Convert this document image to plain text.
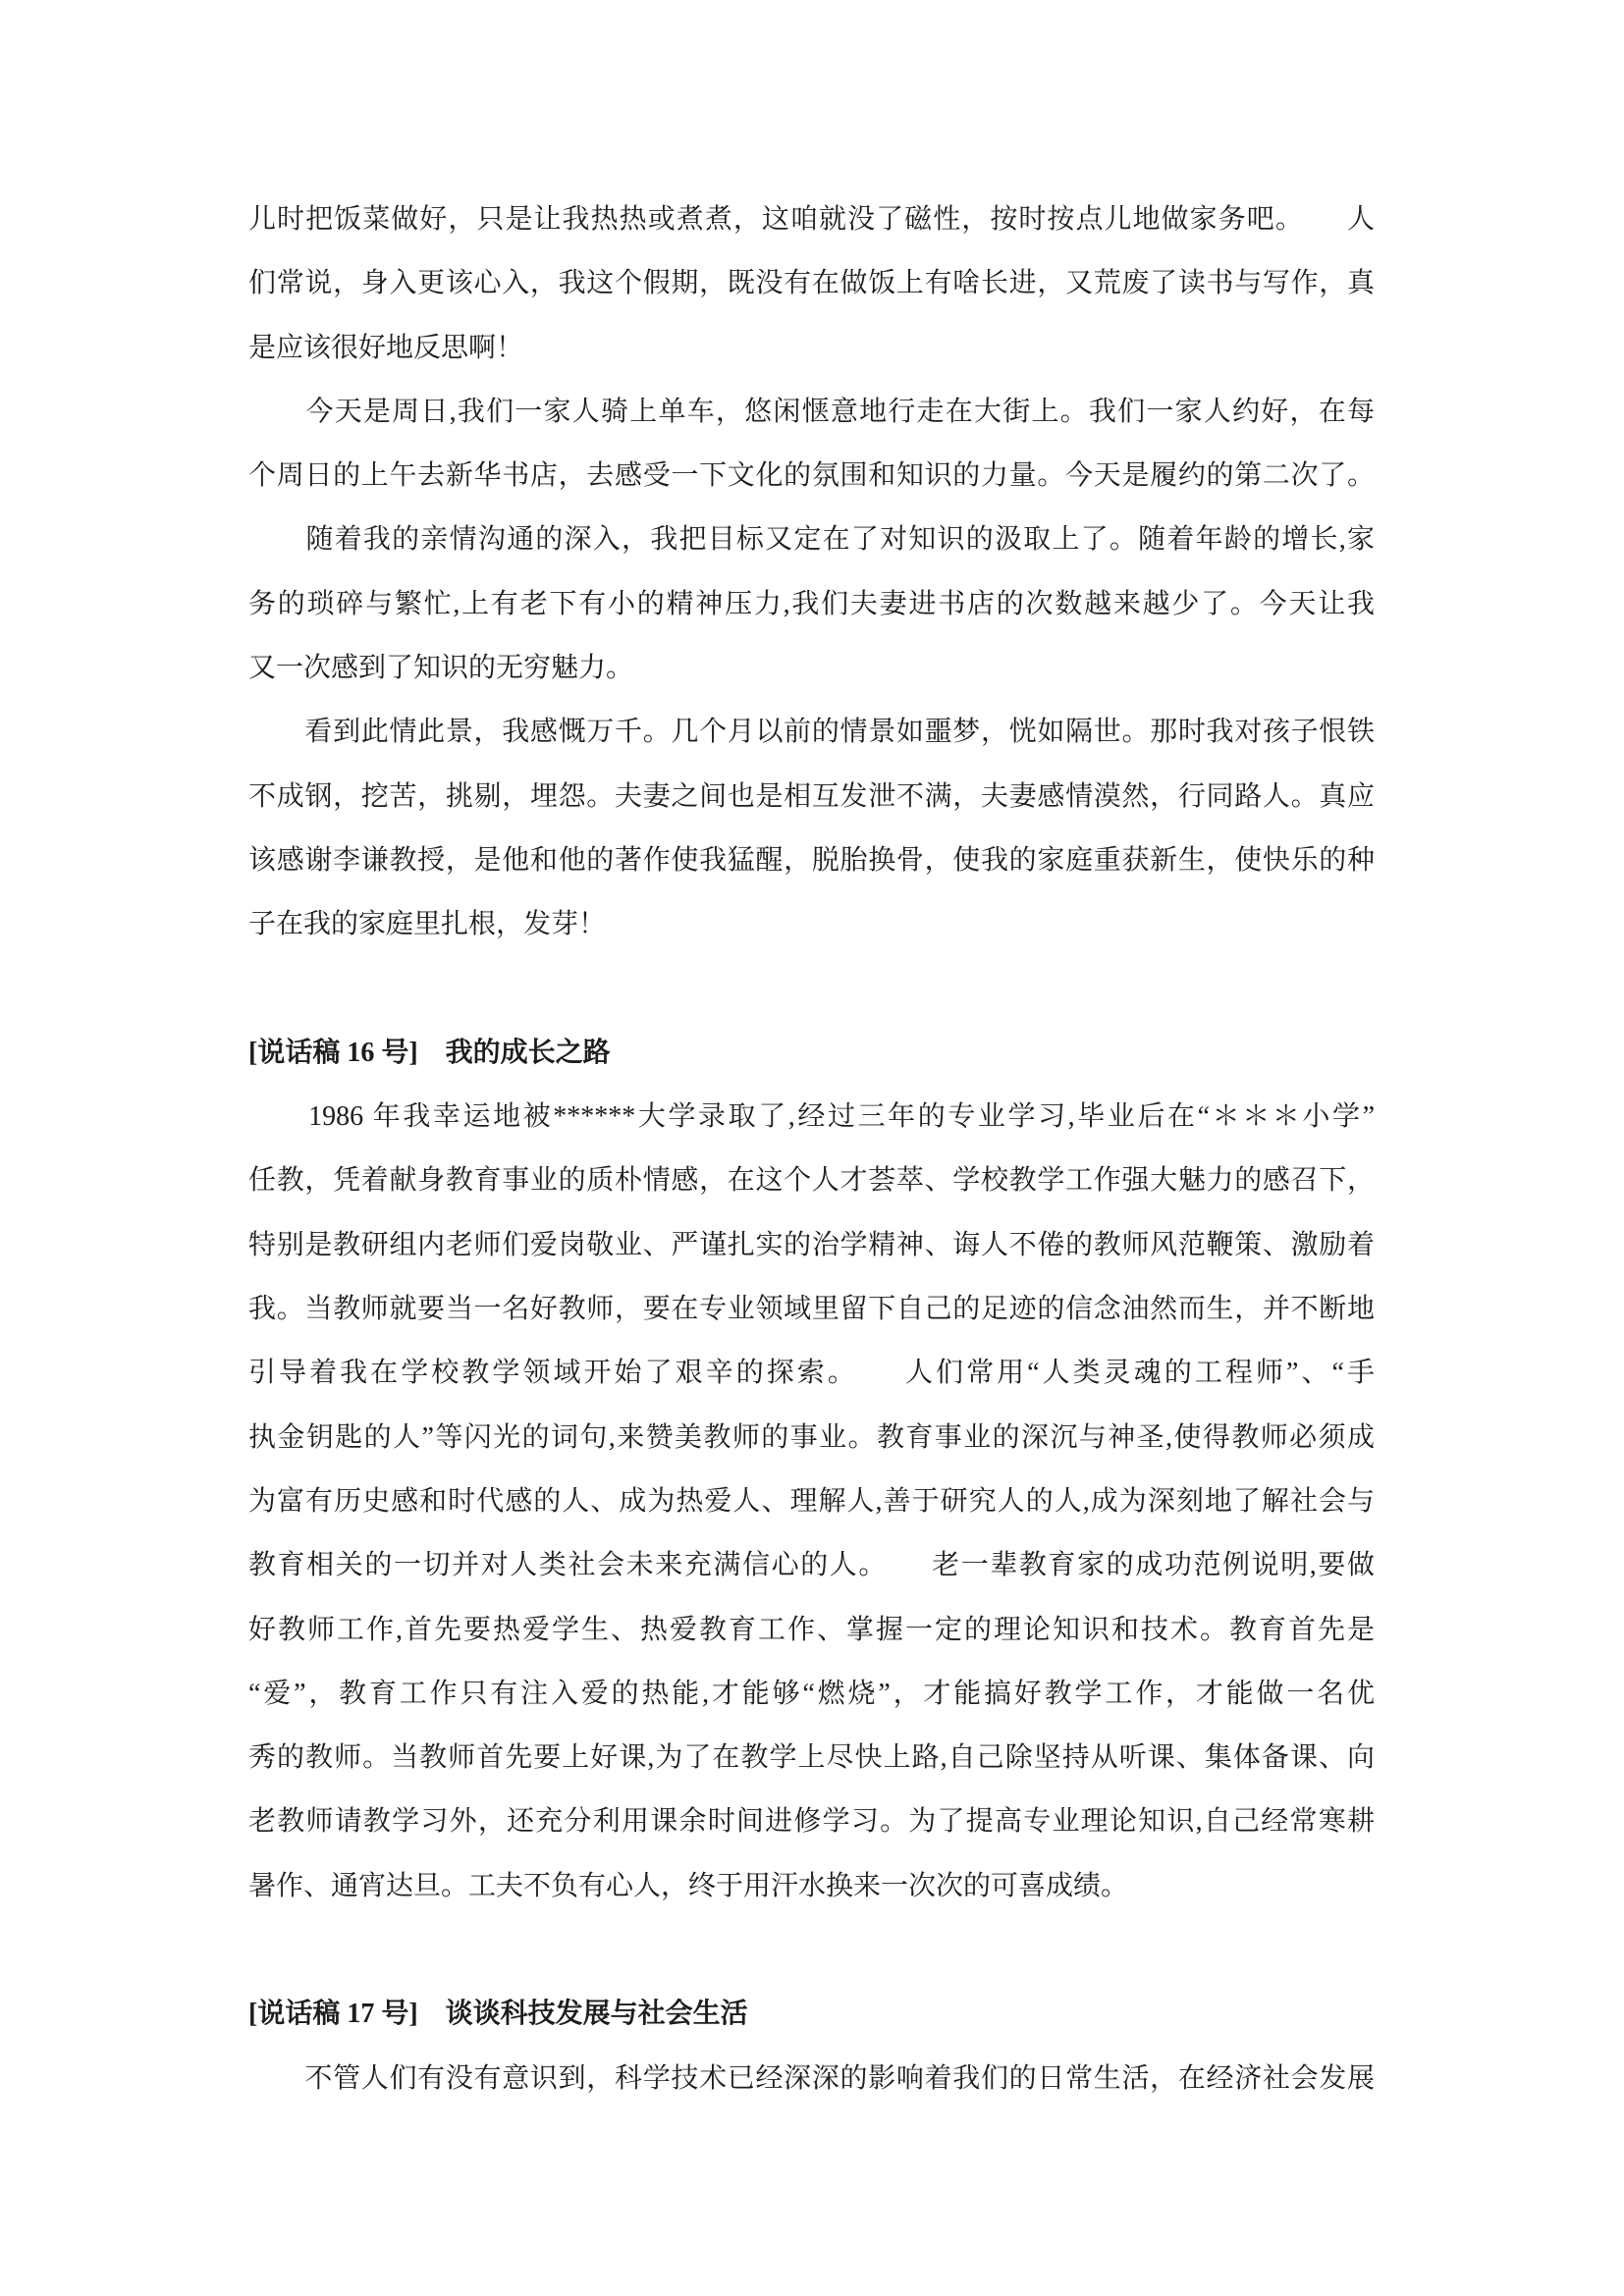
儿时把饭菜做好，只是让我热热或煮煮，这咱就没了磁性，按时按点儿地做家务吧。　　人
们常说，身入更该心入，我这个假期，既没有在做饭上有啥长进，又荒废了读书与写作，真
是应该很好地反思啊！
　　今天是周日,我们一家人骑上单车，悠闲惬意地行走在大街上。我们一家人约好，在每
个周日的上午去新华书店，去感受一下文化的氛围和知识的力量。今天是履约的第二次了。
　　随着我的亲情沟通的深入，我把目标又定在了对知识的汲取上了。随着年龄的增长,家
务的琐碎与繁忙,上有老下有小的精神压力,我们夫妻进书店的次数越来越少了。今天让我
又一次感到了知识的无穷魅力。
　　看到此情此景，我感慨万千。几个月以前的情景如噩梦，恍如隔世。那时我对孩子恨铁
不成钢，挖苦，挑剔，埋怨。夫妻之间也是相互发泄不满，夫妻感情漠然，行同路人。真应
该感谢李谦教授，是他和他的著作使我猛醒，脱胎换骨，使我的家庭重获新生，使快乐的种
子在我的家庭里扎根，发芽！
[说话稿 16 号]　我的成长之路
　　1986 年我幸运地被******大学录取了,经过三年的专业学习,毕业后在“＊＊＊小学”
任教，凭着献身教育事业的质朴情感，在这个人才荟萃、学校教学工作强大魅力的感召下，
特别是教研组内老师们爱岗敬业、严谨扎实的治学精神、诲人不倦的教师风范鞭策、激励着
我。当教师就要当一名好教师，要在专业领域里留下自己的足迹的信念油然而生，并不断地
引导着我在学校教学领域开始了艰辛的探索。　　人们常用“人类灵魂的工程师”、“手
执金钥匙的人”等闪光的词句,来赞美教师的事业。教育事业的深沉与神圣,使得教师必须成
为富有历史感和时代感的人、成为热爱人、理解人,善于研究人的人,成为深刻地了解社会与
教育相关的一切并对人类社会未来充满信心的人。　　老一辈教育家的成功范例说明,要做
好教师工作,首先要热爱学生、热爱教育工作、掌握一定的理论知识和技术。教育首先是
“爱”，教育工作只有注入爱的热能,才能够“燃烧”，才能搞好教学工作，才能做一名优
秀的教师。当教师首先要上好课,为了在教学上尽快上路,自己除坚持从听课、集体备课、向
老教师请教学习外，还充分利用课余时间进修学习。为了提高专业理论知识,自己经常寒耕
暑作、通宵达旦。工夫不负有心人，终于用汗水换来一次次的可喜成绩。
[说话稿 17 号]　谈谈科技发展与社会生活
　　不管人们有没有意识到，科学技术已经深深的影响着我们的日常生活，在经济社会发展
